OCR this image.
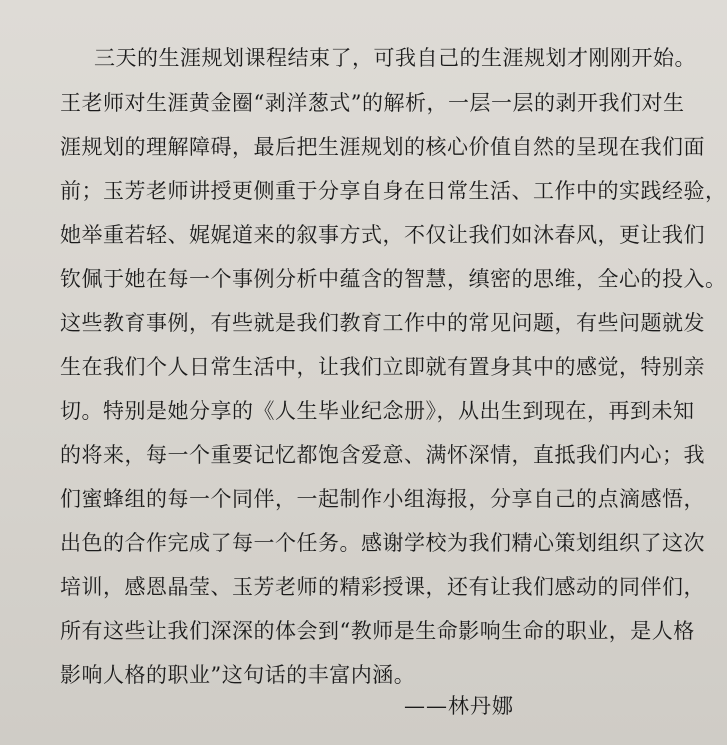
三天的生涯规划课程结束了，可我自己的生涯规划才刚刚开始。
王老师对生涯黄金圈“剥洋葱式”的解析，一层一层的剥开我们对生
涯规划的理解障碍，最后把生涯规划的核心价值自然的呈现在我们面
前；玉芳老师讲授更侧重于分享自身在日常生活、工作中的实践经验，
她举重若轻、娓娓道来的叙事方式，不仅让我们如沐春风，更让我们
钦佩于她在每一个事例分析中蕴含的智慧，缜密的思维，全心的投入。
这些教育事例，有些就是我们教育工作中的常见问题，有些问题就发
生在我们个人日常生活中，让我们立即就有置身其中的感觉，特别亲
切。特别是她分享的《人生毕业纪念册》，从出生到现在，再到未知
的将来，每一个重要记忆都饱含爱意、满怀深情，直抵我们内心；我
们蜜蜂组的每一个同伴，一起制作小组海报，分享自己的点滴感悟，
出色的合作完成了每一个任务。感谢学校为我们精心策划组织了这次
培训，感恩晶莹、玉芳老师的精彩授课，还有让我们感动的同伴们，
所有这些让我们深深的体会到“教师是生命影响生命的职业，是人格
影响人格的职业”这句话的丰富内涵。
——林丹娜
